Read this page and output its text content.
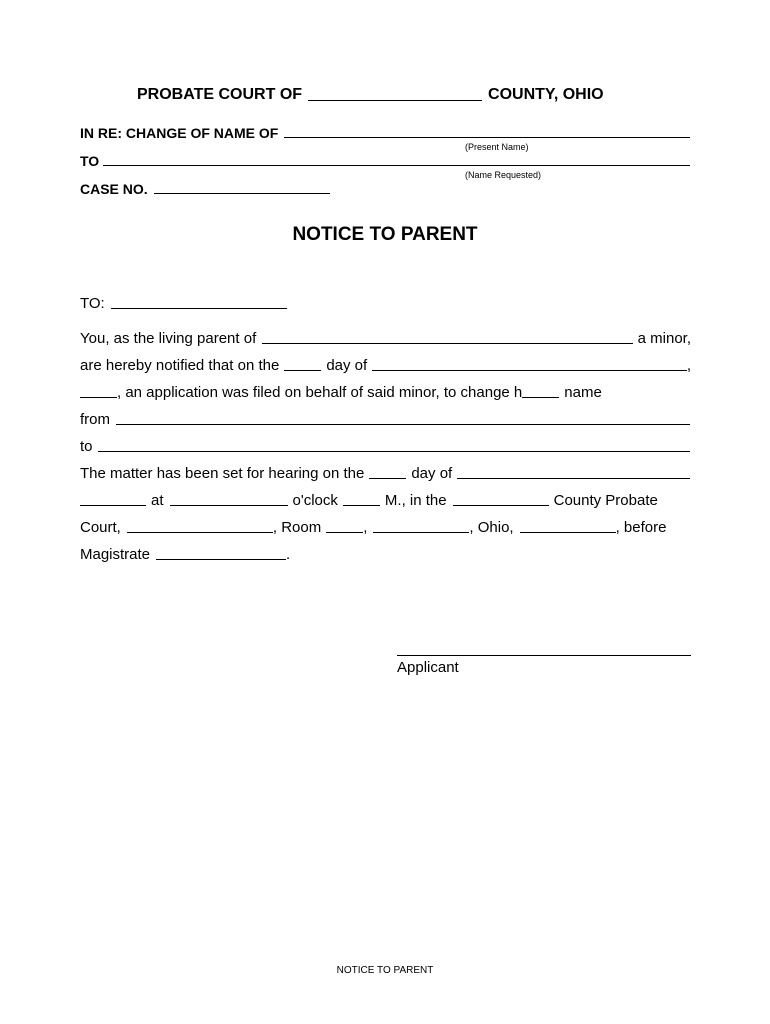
PROBATE COURT OF	COUNTY, OHIO
IN RE: CHANGE OF NAME OF
(Present Name)
TO
(Name Requested)
CASE NO.
NOTICE TO PARENT
TO:
You, as the living parent of	a minor,
are hereby notified that on the	day of	,
, an application was filed on behalf of said minor, to change h	name
from
to
The matter has been set for hearing on the	day of
at	o'clock	M., in the	County Probate
Court,	, Room	,	, Ohio,	, before
Magistrate	.
Applicant
NOTICE TO PARENT
